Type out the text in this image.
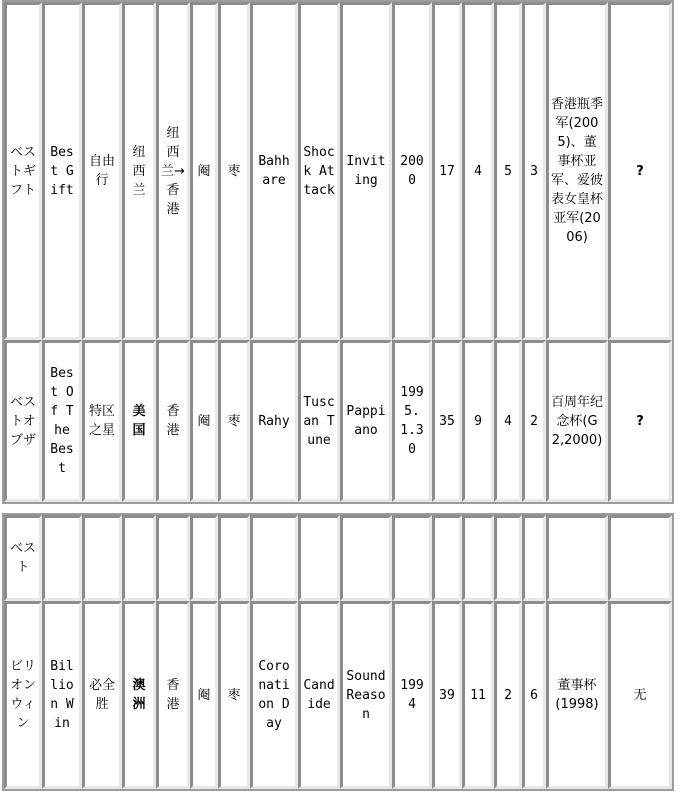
ベストギフト	Best Gift	自由行	纽西兰	纽西兰→香港	阉	枣	Bahhare	Shock Attack	Inviting	2000	17	4	5	3	香港瓶季军(2005)、董事杯亚军、爱彼表女皇杯亚军(2006)	?
ベストオブザ	Best Of The Best	特区之星	美国	香港	阉	枣	Rahy	Tuscan Tune	Pappiano	1995.1.30	35	9	4	2	百周年纪念杯(G2,2000)	?
ベスト																
ビリオンウィン	Billion Win	必全胜	澳洲	香港	阉	枣	Coronation Day	Candide	Sound Reason	1994	39	11	2	6	董事杯(1998)	无
